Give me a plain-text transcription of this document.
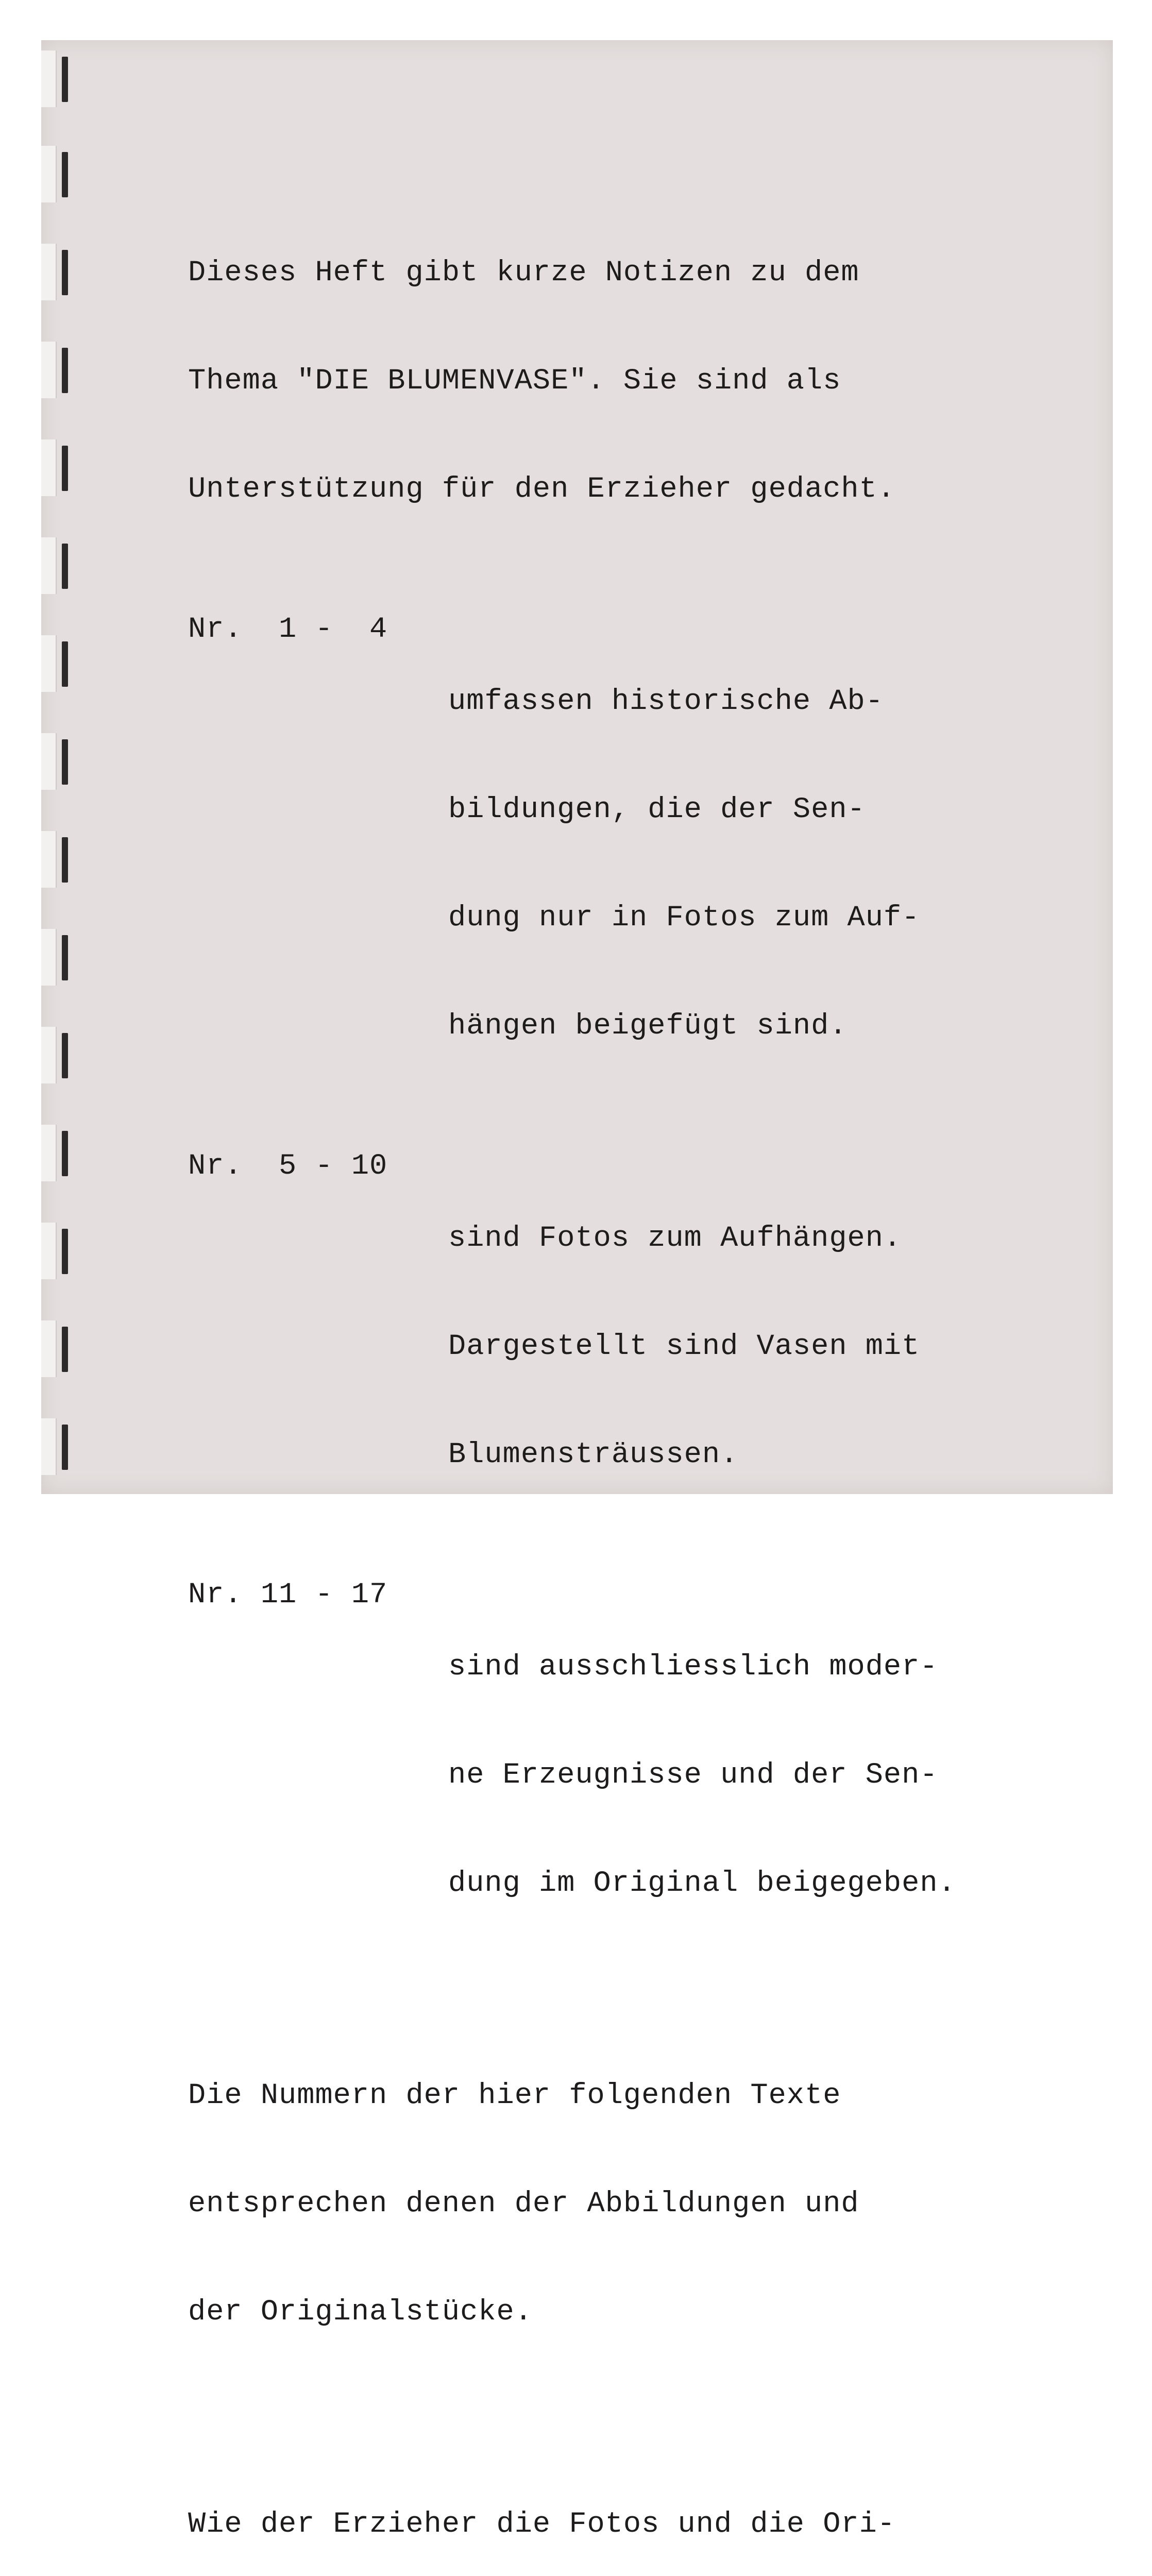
Dieses Heft gibt kurze Notizen zu dem

Thema "DIE BLUMENVASE". Sie sind als

Unterstützung für den Erzieher gedacht.

Nr.  1 -  4

umfassen historische Ab-

bildungen, die der Sen-

dung nur in Fotos zum Auf-

hängen beigefügt sind.

Nr.  5 - 10

sind Fotos zum Aufhängen.

Dargestellt sind Vasen mit

Blumensträussen.

Nr. 11 - 17

sind ausschliesslich moder-

ne Erzeugnisse und der Sen-

dung im Original beigegeben.

Die Nummern der hier folgenden Texte

entsprechen denen der Abbildungen und

der Originalstücke.

Wie der Erzieher die Fotos und die Ori-
